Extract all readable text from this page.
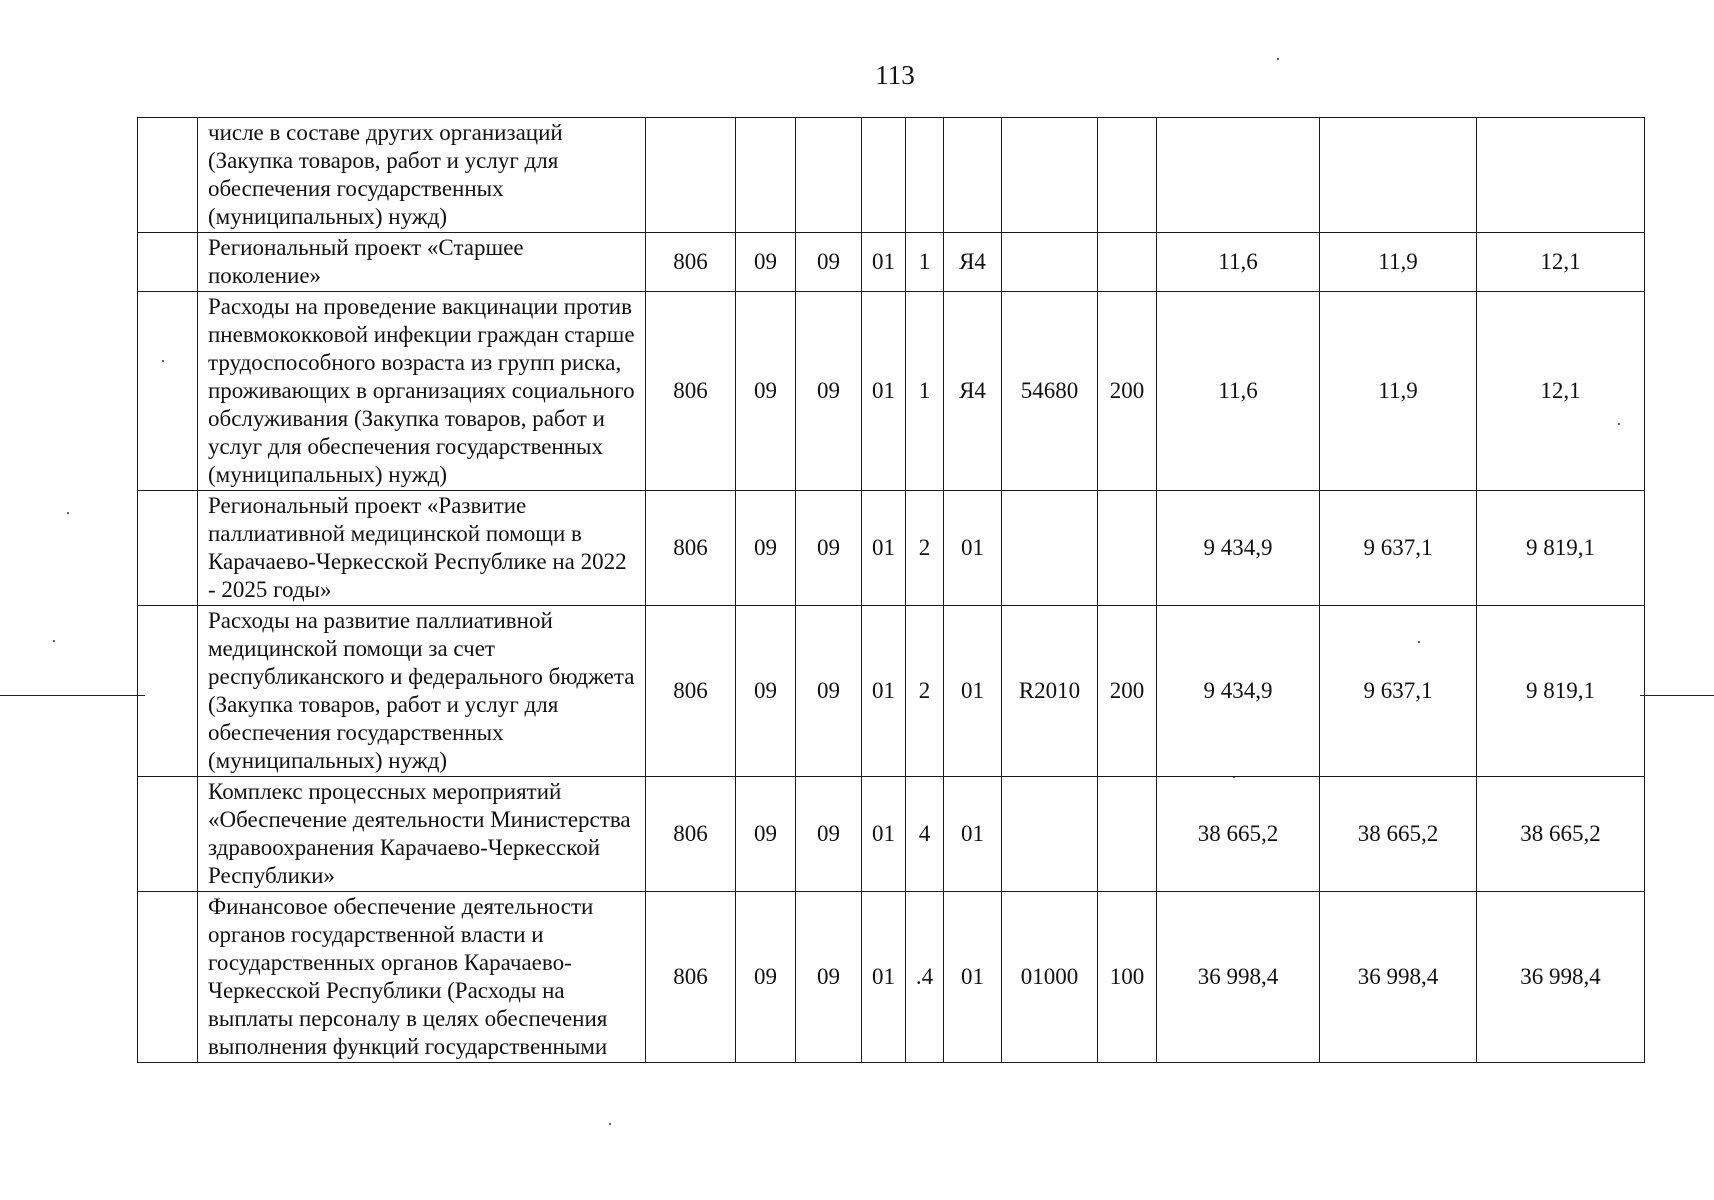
113
	числе в составе других организаций (Закупка товаров, работ и услуг для обеспечения государственных (муниципальных) нужд)											
	Региональный проект «Старшее поколение»	806	09	09	01	1	Я4			11,6	11,9	12,1
	Расходы на проведение вакцинации против пневмококковой инфекции граждан старше трудоспособного возраста из групп риска, проживающих в организациях социального обслуживания (Закупка товаров, работ и услуг для обеспечения государственных (муниципальных) нужд)	806	09	09	01	1	Я4	54680	200	11,6	11,9	12,1
	Региональный проект «Развитие паллиативной медицинской помощи в Карачаево-Черкесской Республике на 2022 - 2025 годы»	806	09	09	01	2	01			9 434,9	9 637,1	9 819,1
	Расходы на развитие паллиативной медицинской помощи за счет республиканского и федерального бюджета (Закупка товаров, работ и услуг для обеспечения государственных (муниципальных) нужд)	806	09	09	01	2	01	R2010	200	9 434,9	9 637,1	9 819,1
	Комплекс процессных мероприятий «Обеспечение деятельности Министерства здравоохранения Карачаево-Черкесской Республики»	806	09	09	01	4	01			38 665,2	38 665,2	38 665,2
	Финансовое обеспечение деятельности органов государственной власти и государственных органов Карачаево-Черкесской Республики (Расходы на выплаты персоналу в целях обеспечения выполнения функций государственными	806	09	09	01	.4	01	01000	100	36 998,4	36 998,4	36 998,4
